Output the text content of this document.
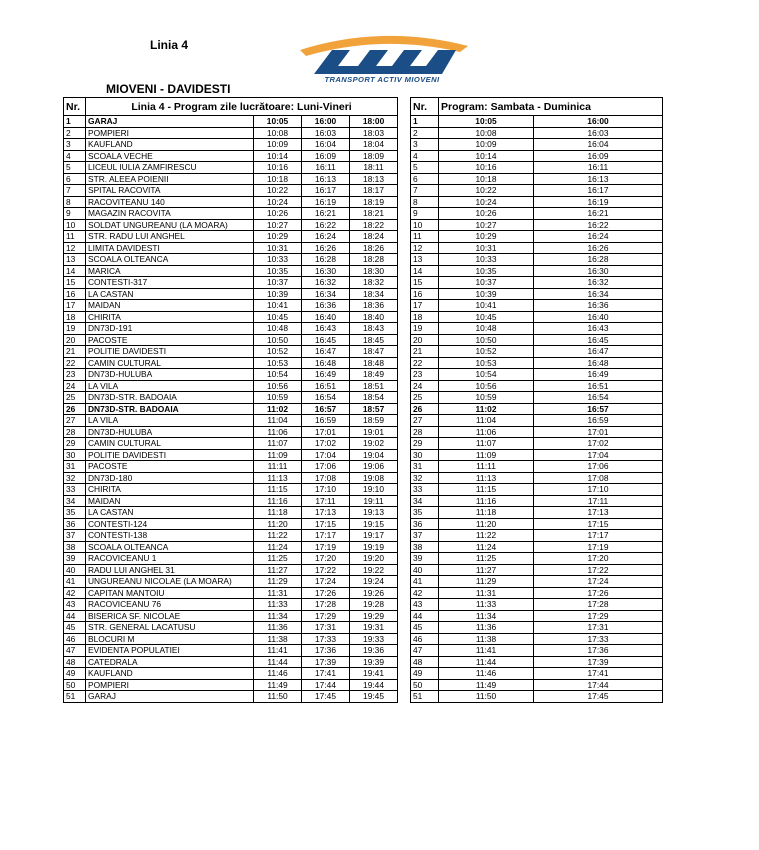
Linia 4
MIOVENI - DAVIDESTI
TRANSPORT ACTIV MIOVENI
Nr.	Linia 4 - Program zile lucrătoare: Luni-Vineri			
1	GARAJ	10:05	16:00	18:00
2	POMPIERI	10:08	16:03	18:03
3	KAUFLAND	10:09	16:04	18:04
4	SCOALA VECHE	10:14	16:09	18:09
5	LICEUL IULIA ZAMFIRESCU	10:16	16:11	18:11
6	STR. ALEEA POIENII	10:18	16:13	18:13
7	SPITAL RACOVITA	10:22	16:17	18:17
8	RACOVITEANU 140	10:24	16:19	18:19
9	MAGAZIN RACOVITA	10:26	16:21	18:21
10	SOLDAT UNGUREANU (LA MOARA)	10:27	16:22	18:22
11	STR. RADU LUI ANGHEL	10:29	16:24	18:24
12	LIMITA DAVIDESTI	10:31	16:26	18:26
13	SCOALA OLTEANCA	10:33	16:28	18:28
14	MARICA	10:35	16:30	18:30
15	CONTESTI-317	10:37	16:32	18:32
16	LA CASTAN	10:39	16:34	18:34
17	MAIDAN	10:41	16:36	18:36
18	CHIRITA	10:45	16:40	18:40
19	DN73D-191	10:48	16:43	18:43
20	PACOSTE	10:50	16:45	18:45
21	POLITIE DAVIDESTI	10:52	16:47	18:47
22	CAMIN CULTURAL	10:53	16:48	18:48
23	DN73D-HULUBA	10:54	16:49	18:49
24	LA VILA	10:56	16:51	18:51
25	DN73D-STR. BADOAIA	10:59	16:54	18:54
26	DN73D-STR. BADOAIA	11:02	16:57	18:57
27	LA VILA	11:04	16:59	18:59
28	DN73D-HULUBA	11:06	17:01	19:01
29	CAMIN CULTURAL	11:07	17:02	19:02
30	POLITIE DAVIDESTI	11:09	17:04	19:04
31	PACOSTE	11:11	17:06	19:06
32	DN73D-180	11:13	17:08	19:08
33	CHIRITA	11:15	17:10	19:10
34	MAIDAN	11:16	17:11	19:11
35	LA CASTAN	11:18	17:13	19:13
36	CONTESTI-124	11:20	17:15	19:15
37	CONTESTI-138	11:22	17:17	19:17
38	SCOALA OLTEANCA	11:24	17:19	19:19
39	RACOVICEANU 1	11:25	17:20	19:20
40	RADU LUI ANGHEL 31	11:27	17:22	19:22
41	UNGUREANU NICOLAE (LA MOARA)	11:29	17:24	19:24
42	CAPITAN MANTOIU	11:31	17:26	19:26
43	RACOVICEANU 76	11:33	17:28	19:28
44	BISERICA SF. NICOLAE	11:34	17:29	19:29
45	STR. GENERAL LACATUSU	11:36	17:31	19:31
46	BLOCURI M	11:38	17:33	19:33
47	EVIDENTA POPULATIEI	11:41	17:36	19:36
48	CATEDRALA	11:44	17:39	19:39
49	KAUFLAND	11:46	17:41	19:41
50	POMPIERI	11:49	17:44	19:44
51	GARAJ	11:50	17:45	19:45
Nr.	Program: Sambata - Duminica	
1	10:05	16:00
2	10:08	16:03
3	10:09	16:04
4	10:14	16:09
5	10:16	16:11
6	10:18	16:13
7	10:22	16:17
8	10:24	16:19
9	10:26	16:21
10	10:27	16:22
11	10:29	16:24
12	10:31	16:26
13	10:33	16:28
14	10:35	16:30
15	10:37	16:32
16	10:39	16:34
17	10:41	16:36
18	10:45	16:40
19	10:48	16:43
20	10:50	16:45
21	10:52	16:47
22	10:53	16:48
23	10:54	16:49
24	10:56	16:51
25	10:59	16:54
26	11:02	16:57
27	11:04	16:59
28	11:06	17:01
29	11:07	17:02
30	11:09	17:04
31	11:11	17:06
32	11:13	17:08
33	11:15	17:10
34	11:16	17:11
35	11:18	17:13
36	11:20	17:15
37	11:22	17:17
38	11:24	17:19
39	11:25	17:20
40	11:27	17:22
41	11:29	17:24
42	11:31	17:26
43	11:33	17:28
44	11:34	17:29
45	11:36	17:31
46	11:38	17:33
47	11:41	17:36
48	11:44	17:39
49	11:46	17:41
50	11:49	17:44
51	11:50	17:45
